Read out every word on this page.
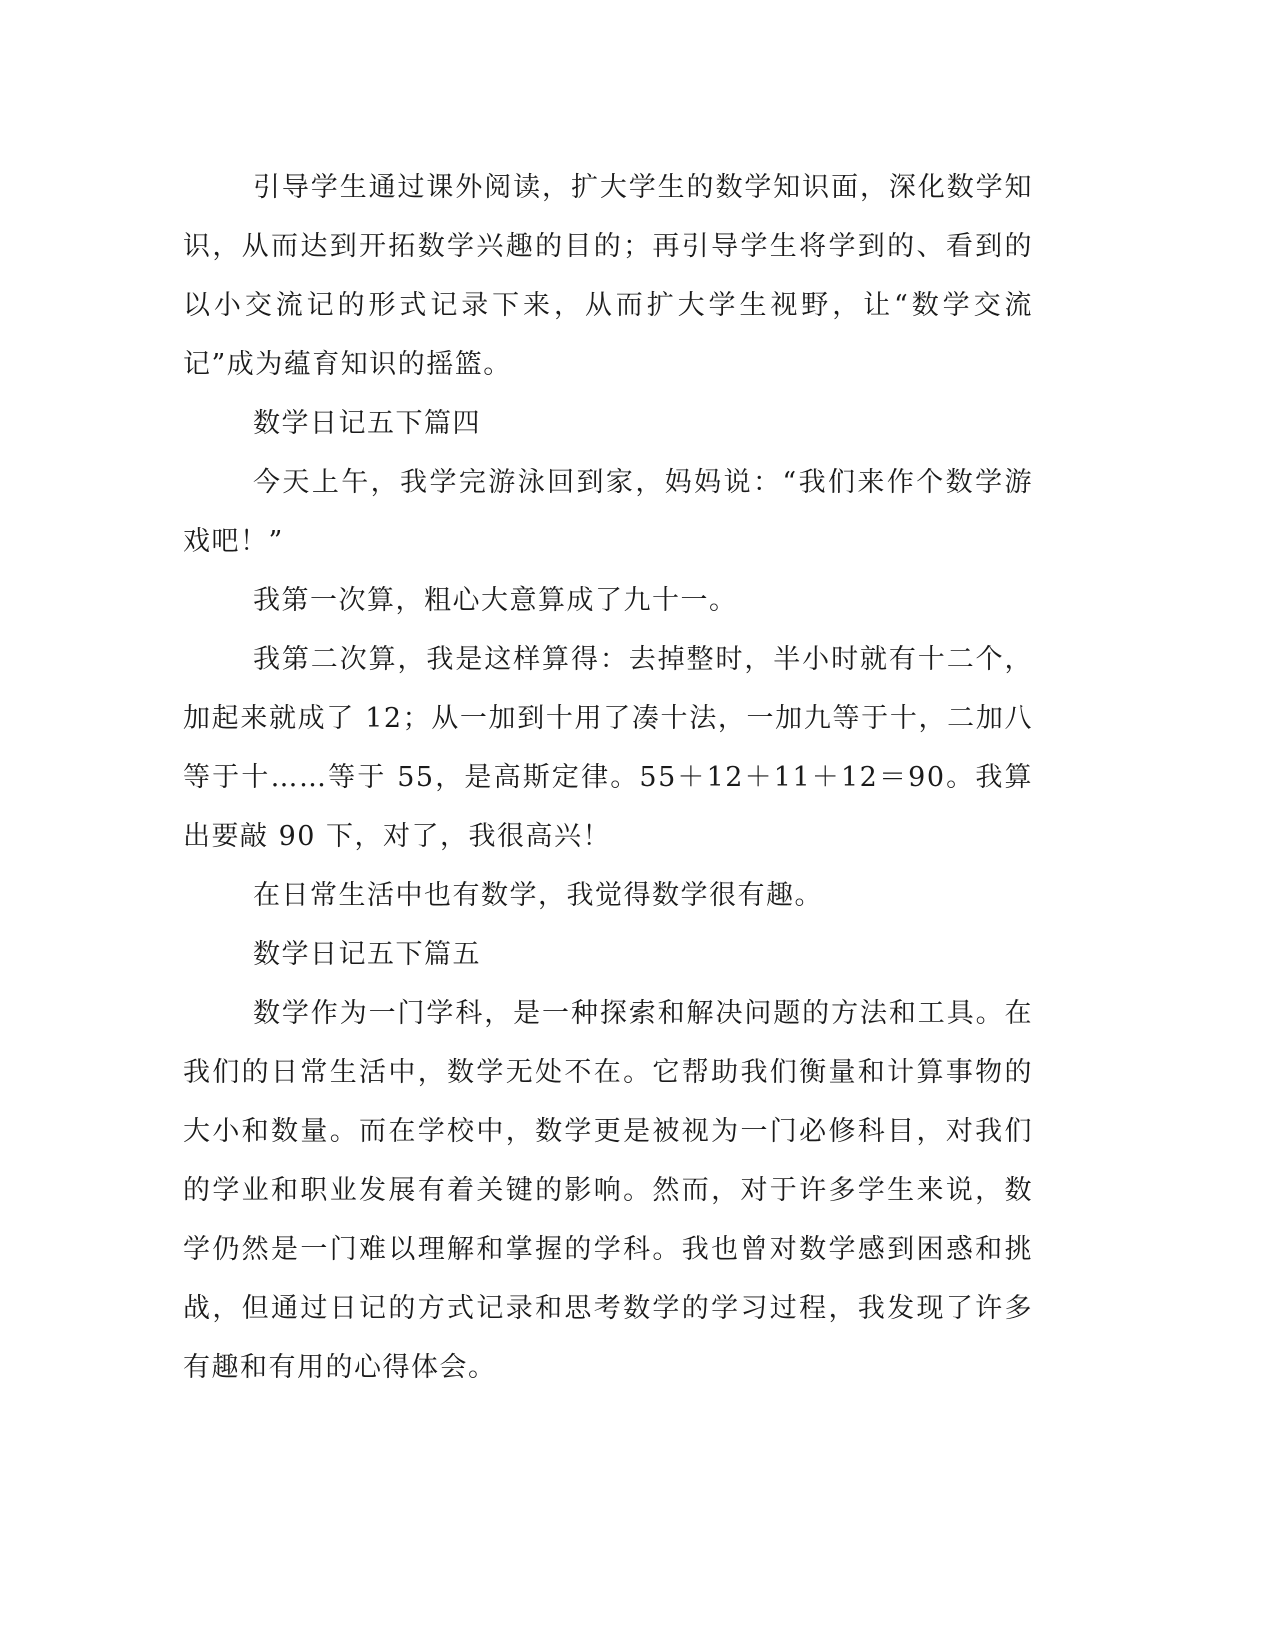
引导学生通过课外阅读，扩大学生的数学知识面，深化数学知识，从而达到开拓数学兴趣的目的；再引导学生将学到的、看到的以小交流记的形式记录下来，从而扩大学生视野，让“数学交流记”成为蕴育知识的摇篮。

数学日记五下篇四

今天上午，我学完游泳回到家，妈妈说：“我们来作个数学游戏吧！”

我第一次算，粗心大意算成了九十一。

我第二次算，我是这样算得：去掉整时，半小时就有十二个，加起来就成了 12；从一加到十用了凑十法，一加九等于十，二加八等于十……等于 55，是高斯定律。55＋12＋11＋12＝90。我算出要敲 90 下，对了，我很高兴！

在日常生活中也有数学，我觉得数学很有趣。

数学日记五下篇五

数学作为一门学科，是一种探索和解决问题的方法和工具。在我们的日常生活中，数学无处不在。它帮助我们衡量和计算事物的大小和数量。而在学校中，数学更是被视为一门必修科目，对我们的学业和职业发展有着关键的影响。然而，对于许多学生来说，数学仍然是一门难以理解和掌握的学科。我也曾对数学感到困惑和挑战，但通过日记的方式记录和思考数学的学习过程，我发现了许多有趣和有用的心得体会。
